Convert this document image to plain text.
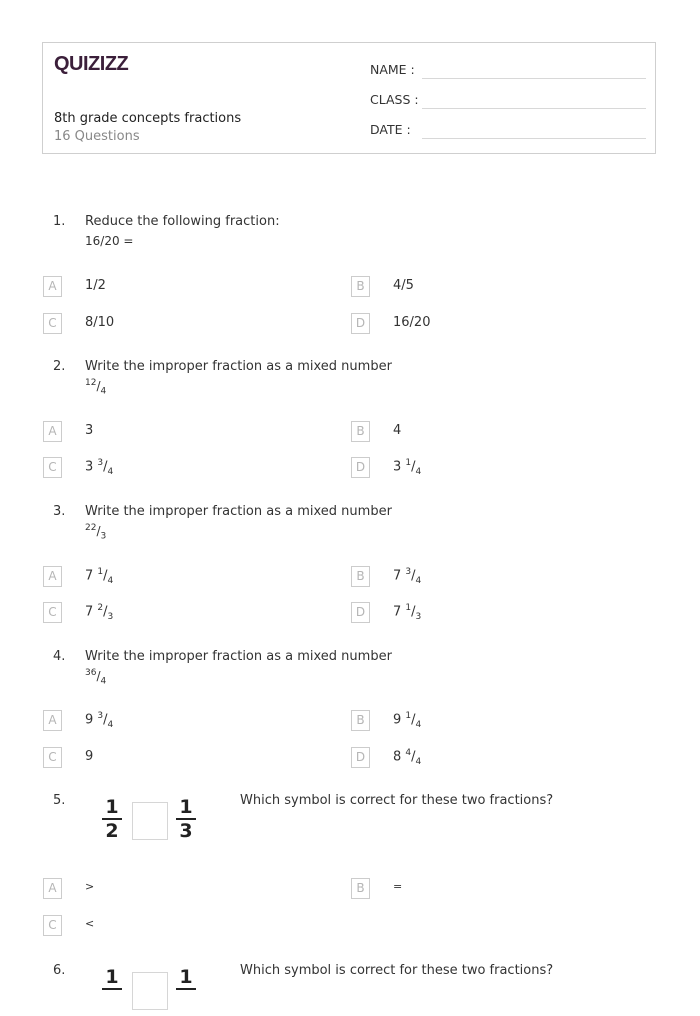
QUIZIZZ
8th grade concepts fractions
16 Questions
NAME :
CLASS :
DATE :
1. Reduce the following fraction:
16/20 =
A	1/2	B	4/5
C	8/10	D	16/20
2. Write the improper fraction as a mixed number
$^{12}/_4$
A	3	B	4
C	3 $^3/_4$	D	3 $^1/_4$
3. Write the improper fraction as a mixed number
$^{22}/_3$
A	7 $^1/_4$	B	7 $^3/_4$
C	7 $^2/_3$	D	7 $^1/_3$
4. Write the improper fraction as a mixed number
$^{36}/_4$
A	9 $^3/_4$	B	9 $^1/_4$
C	9	D	8 $^4/_4$
5. $\frac{1}{2}$	$\frac{1}{3}$	Which symbol is correct for these two fractions?
A	>	B	=
C	<
6. 1	1	Which symbol is correct for these two fractions?
